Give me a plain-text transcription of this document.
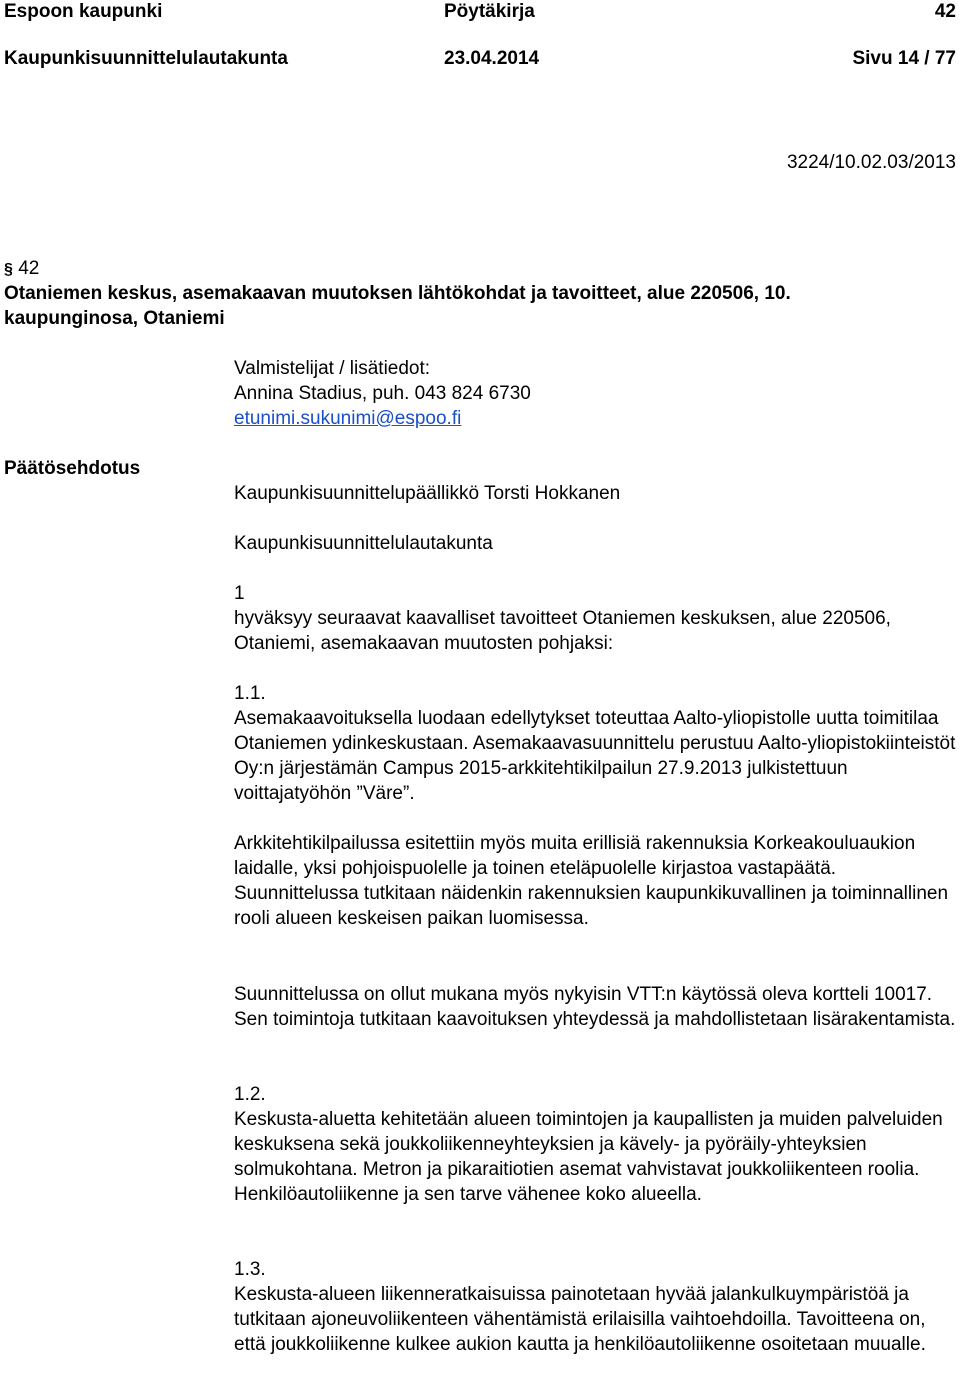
Espoon kaupunki	Pöytäkirja	42
Kaupunkisuunnittelulautakunta	23.04.2014	Sivu 14 / 77
3224/10.02.03/2013
§ 42
Otaniemen keskus, asemakaavan muutoksen lähtökohdat ja tavoitteet, alue 220506, 10.
kaupunginosa, Otaniemi
Valmistelijat / lisätiedot:
Annina Stadius, puh. 043 824 6730
etunimi.sukunimi@espoo.fi
Päätösehdotus
Kaupunkisuunnittelupäällikkö Torsti Hokkanen
Kaupunkisuunnittelulautakunta
1

hyväksyy seuraavat kaavalliset tavoitteet Otaniemen keskuksen, alue 220506, Otaniemi, asemakaavan muutosten pohjaksi:

1.1.

Asemakaavoituksella luodaan edellytykset toteuttaa Aalto-yliopistolle uutta toimitilaa Otaniemen ydinkeskustaan. Asemakaavasuunnittelu perustuu Aalto-yliopistokiinteistöt Oy:n järjestämän Campus 2015-arkkitehtikilpailun 27.9.2013 julkistettuun voittajatyöhön ”Väre”.

Arkkitehtikilpailussa esitettiin myös muita erillisiä rakennuksia Korkeakouluaukion laidalle, yksi pohjoispuolelle ja toinen eteläpuolelle kirjastoa vastapäätä. Suunnittelussa tutkitaan näidenkin rakennuksien kaupunkikuvallinen ja toiminnallinen rooli alueen keskeisen paikan luomisessa.

Suunnittelussa on ollut mukana myös nykyisin VTT:n käytössä oleva kortteli 10017. Sen toimintoja tutkitaan kaavoituksen yhteydessä ja mahdollistetaan lisärakentamista.

1.2.

Keskusta-aluetta kehitetään alueen toimintojen ja kaupallisten ja muiden palveluiden keskuksena sekä joukkoliikenneyhteyksien ja kävely- ja pyöräily-yhteyksien solmukohtana. Metron ja pikaraitiotien asemat vahvistavat joukkoliikenteen roolia. Henkilöautoliikenne ja sen tarve vähenee koko alueella.

1.3.

Keskusta-alueen liikenneratkaisuissa painotetaan hyvää jalankulkuympäristöä ja tutkitaan ajoneuvoliikenteen vähentämistä erilaisilla vaihtoehdoilla. Tavoitteena on, että joukkoliikenne kulkee aukion kautta ja henkilöautoliikenne osoitetaan muualle.
